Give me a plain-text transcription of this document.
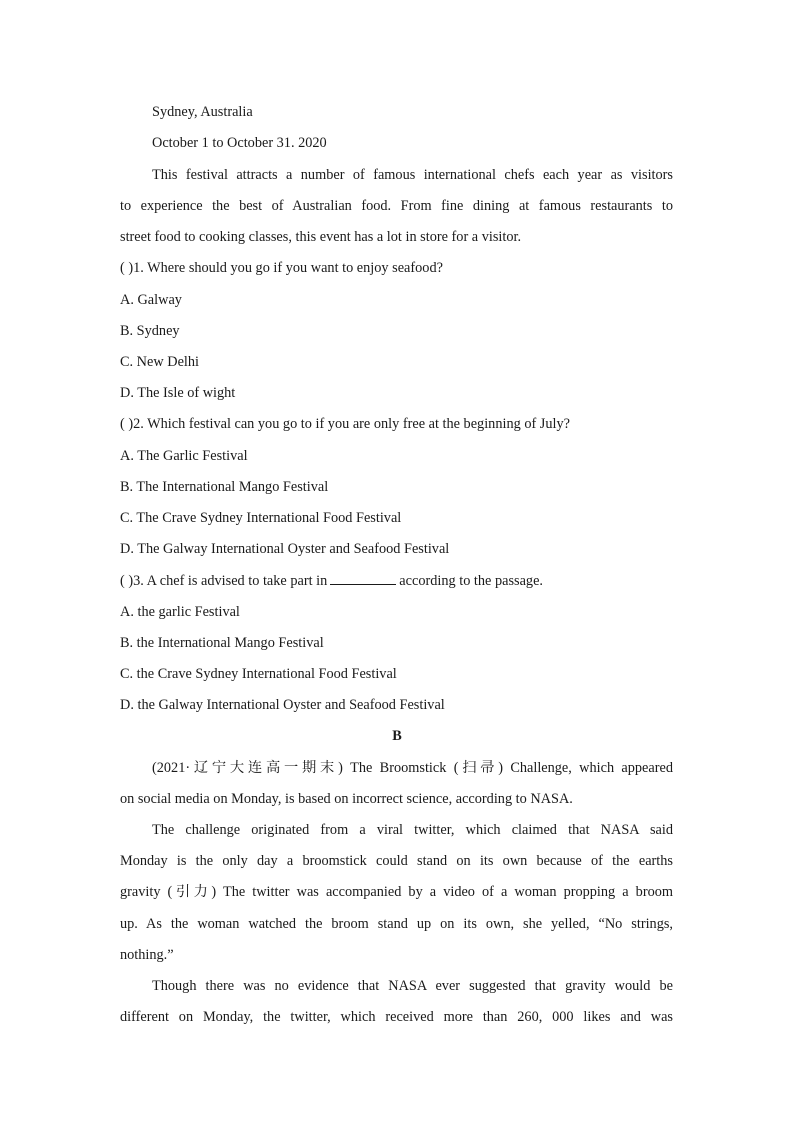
Sydney, Australia
October 1 to October 31. 2020
This festival attracts a number of famous international chefs each year as visitors
to experience the best of Australian food. From fine dining at famous restaurants to
street food to cooking classes, this event has a lot in store for a visitor.
( )1. Where should you go if you want to enjoy seafood?
A. Galway
B. Sydney
C. New Delhi
D. The Isle of wight
( )2. Which festival can you go to if you are only free at the beginning of July?
A. The Garlic Festival
B. The International Mango Festival
C. The Crave Sydney International Food Festival
D. The Galway International Oyster and Seafood Festival
( )3. A chef is advised to take part in	according to the passage.
A. the garlic Festival
B. the International Mango Festival
C. the Crave Sydney International Food Festival
D. the Galway International Oyster and Seafood Festival
B
(2021·辽宁大连高一期末) The Broomstick (扫帚) Challenge, which appeared
on social media on Monday, is based on incorrect science, according to NASA.
The challenge originated from a viral twitter, which claimed that NASA said
Monday is the only day a broomstick could stand on its own because of the earths
gravity (引力) The twitter was accompanied by a video of a woman propping a broom
up. As the woman watched the broom stand up on its own, she yelled, “No strings,
nothing.”
Though there was no evidence that NASA ever suggested that gravity would be
different on Monday, the twitter, which received more than 260, 000 likes and was
